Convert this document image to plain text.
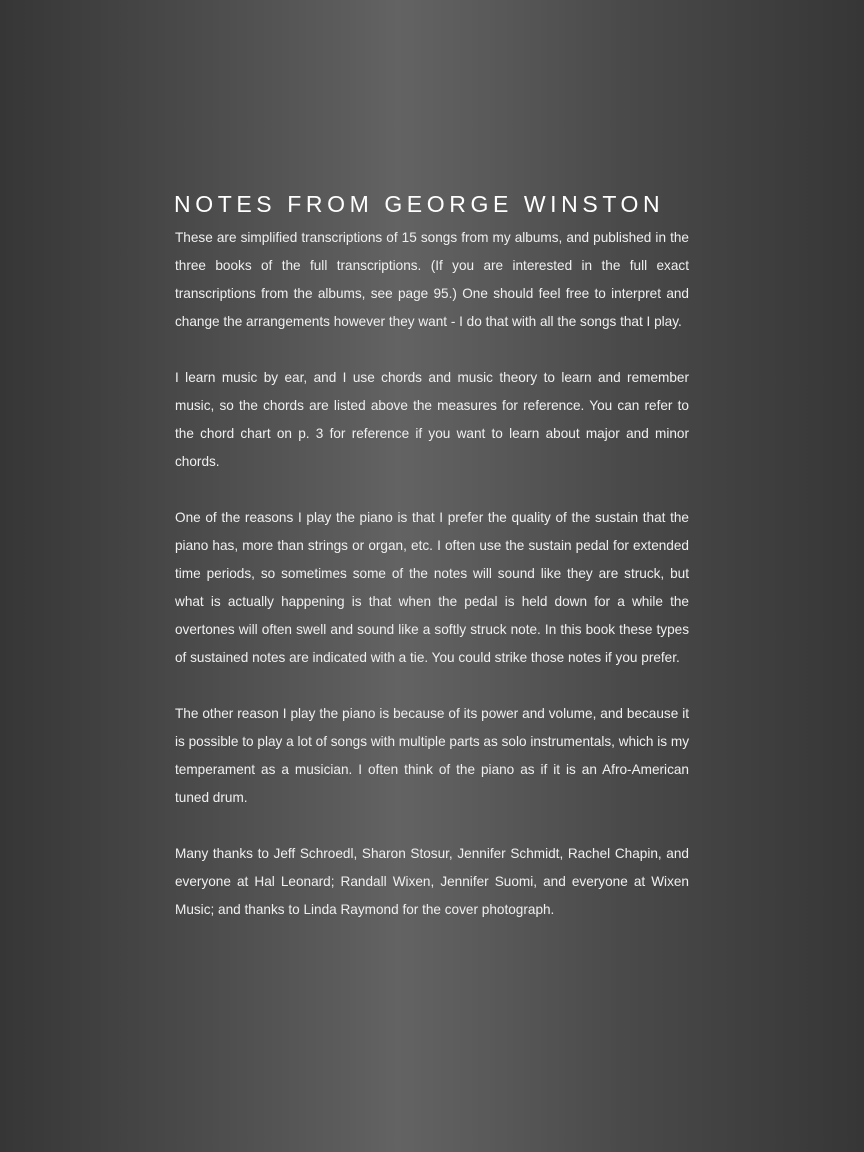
NOTES FROM GEORGE WINSTON

These are simplified transcriptions of 15 songs from my albums, and published in the three books of the full transcriptions. (If you are interested in the full exact transcriptions from the albums, see page 95.) One should feel free to interpret and change the arrangements however they want - I do that with all the songs that I play.

I learn music by ear, and I use chords and music theory to learn and remember music, so the chords are listed above the measures for reference. You can refer to the chord chart on p. 3 for reference if you want to learn about major and minor chords.

One of the reasons I play the piano is that I prefer the quality of the sustain that the piano has, more than strings or organ, etc. I often use the sustain pedal for extended time periods, so sometimes some of the notes will sound like they are struck, but what is actually happening is that when the pedal is held down for a while the overtones will often swell and sound like a softly struck note. In this book these types of sustained notes are indicated with a tie. You could strike those notes if you prefer.

The other reason I play the piano is because of its power and volume, and because it is possible to play a lot of songs with multiple parts as solo instrumentals, which is my temperament as a musician. I often think of the piano as if it is an Afro-American tuned drum.

Many thanks to Jeff Schroedl, Sharon Stosur, Jennifer Schmidt, Rachel Chapin, and everyone at Hal Leonard; Randall Wixen, Jennifer Suomi, and everyone at Wixen Music; and thanks to Linda Raymond for the cover photograph.
